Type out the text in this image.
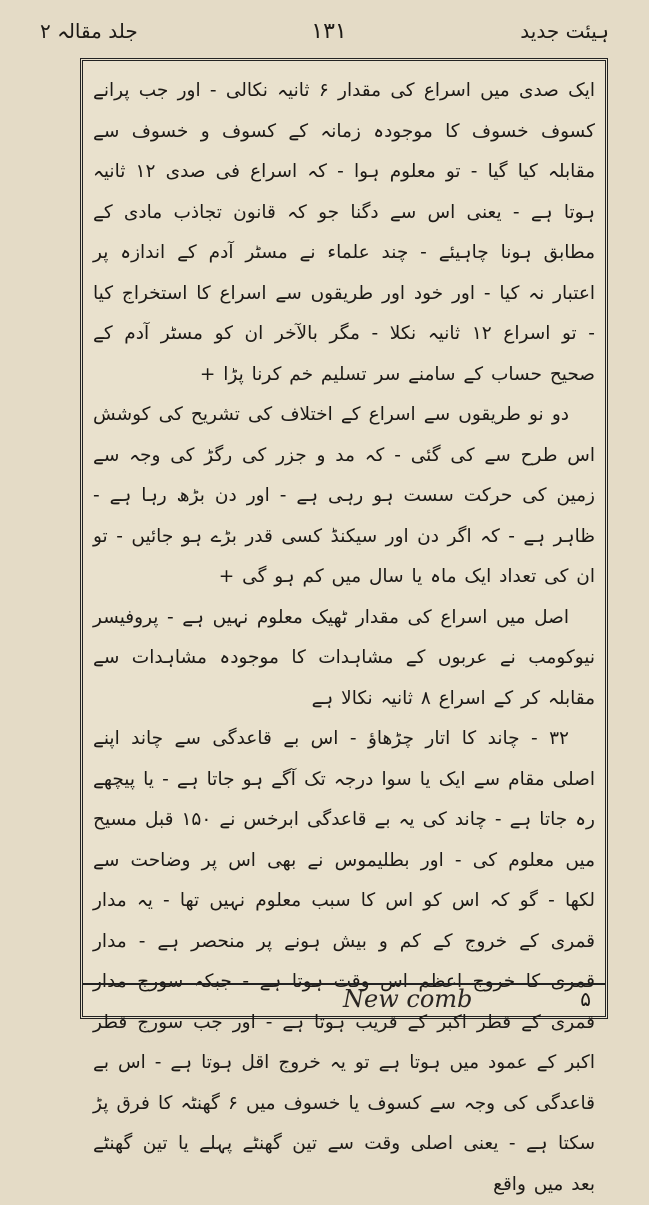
ہیئت جدید
۱۳۱
جلد مقالہ ۲

ایک صدی میں اسراع کی مقدار ۶ ثانیہ نکالی - اور جب پرانے کسوف خسوف کا موجودہ زمانہ کے کسوف و خسوف سے مقابلہ کیا گیا - تو معلوم ہوا - کہ اسراع فی صدی ۱۲ ثانیہ ہوتا ہے - یعنی اس سے دگنا جو کہ قانون تجاذب مادی کے مطابق ہونا چاہیئے - چند علماء نے مسٹر آدم کے اندازہ پر اعتبار نہ کیا - اور خود اور طریقوں سے اسراع کا استخراج کیا - تو اسراع ۱۲ ثانیہ نکلا - مگر بالآخر ان کو مسٹر آدم کے صحیح حساب کے سامنے سر تسلیم خم کرنا پڑا +

دو نو طریقوں سے اسراع کے اختلاف کی تشریح کی کوشش اس طرح سے کی گئی - کہ مد و جزر کی رگڑ کی وجہ سے زمین کی حرکت سست ہو رہی ہے - اور دن بڑھ رہا ہے - ظاہر ہے - کہ اگر دن اور سیکنڈ کسی قدر بڑے ہو جائیں - تو ان کی تعداد ایک ماہ یا سال میں کم ہو گی +

اصل میں اسراع کی مقدار ٹھیک معلوم نہیں ہے - پروفیسر نیوکومب نے عربوں کے مشاہدات کا موجودہ مشاہدات سے مقابلہ کر کے اسراع ۸ ثانیہ نکالا ہے

۳۲ - چاند کا اتار چڑھاؤ - اس بے قاعدگی سے چاند اپنے اصلی مقام سے ایک یا سوا درجہ تک آگے ہو جاتا ہے - یا پیچھے رہ جاتا ہے - چاند کی یہ بے قاعدگی ابرخس نے ۱۵۰ قبل مسیح میں معلوم کی - اور بطلیموس نے بھی اس پر وضاحت سے لکھا - گو کہ اس کو اس کا سبب معلوم نہیں تھا - یہ مدار قمری کے خروج کے کم و بیش ہونے پر منحصر ہے - مدار قمری کا خروج اعظم اس وقت ہوتا ہے - جبکہ سورج مدار قمری کے قطر اکبر کے قریب ہوتا ہے - اور جب سورج قطر اکبر کے عمود میں ہوتا ہے تو یہ خروج اقل ہوتا ہے - اس بے قاعدگی کی وجہ سے کسوف یا خسوف میں ۶ گھنٹہ کا فرق پڑ سکتا ہے - یعنی اصلی وقت سے تین گھنٹے پہلے یا تین گھنٹے بعد میں واقع

New comb	۵
